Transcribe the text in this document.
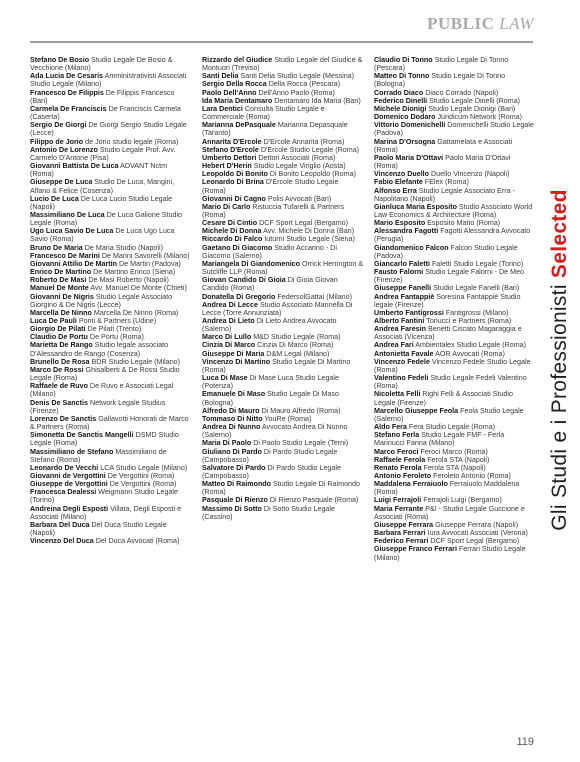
PUBLIC LAW
Gli Studi e i Professionisti Selected
Stefano De Bosio Studio Legale De Bosio & Vecchione (Milano)
Ada Lucia De Cesaris Amministrativisti Associati Studio Legale (Milano)
Francesco De Filippis De Filippis Francesco (Bari)
Carmela De Franciscis De Franciscis Carmela (Caserta)
Sergio De Giorgi De Giorgi Sergio Studio Legale (Lecce)
Filippo de Jorio de Jorio studio legale (Roma)
Antonio De Lorenzo Studio Legale Prof. Avv. Carmelo D'Antone (Pisa)
Giovanni Battista De Luca ADVANT Nctm (Roma)
Giuseppe De Luca Studio De Luca, Mangini, Alfano & Felice (Cosenza)
Lucio De Luca De Luca Lucio Studio Legale (Napoli)
Massimiliano De Luca De Luca Galione Studio Legale (Roma)
Ugo Luca Savio De Luca De Luca Ugo Luca Savio (Roma)
Bruno De Maria De Maria Studio (Napoli)
Francesco De Marini De Marini Savorelli (Milano)
Giovanni Attilio De Martin De Martin (Padova)
Enrico De Martino De Martino Enrico (Siena)
Roberto De Masi De Masi Roberto (Napoli)
Manuel De Monte Avv. Manuel De Monte (Chieti)
Giovanni De Nigris Studio Legale Associato Giorgino & De Nigris (Lecce)
Marcella De Ninno Marcella De Ninno (Roma)
Luca De Pauli Ponti & Partners (Udine)
Giorgio De Pilati De Pilati (Trento)
Claudio De Portu De Portu (Roma)
Marietta De Rango Studio legale associato D'Alessandro de Rango (Cosenza)
Brunello De Rosa BDR Studio Legale (Milano)
Marco De Rossi Ghisalberti & De Rossi Studio Legale (Roma)
Raffaele de Ruvo De Ruvo e Associati Legal (Milano)
Denis De Sanctis Network Legale Studius (Firenze)
Lorenzo De Sanctis Gallavotti Honorati de Marco & Partners (Roma)
Simonetta De Sanctis Mangelli DSMD Studio Legale (Roma)
Massimiliano de Stefano Massimiliano de Stefano (Roma)
Leonardo De Vecchi LCA Studio Legale (Milano)
Giovanni de Vergottini De Vergottini (Roma)
Giuseppe de Vergottini De Vergottini (Roma)
Francesca Dealessi Weigmann Studio Legale (Torino)
Andreina Degli Esposti Villata, Degli Esposti e Associati (Milano)
Barbara Del Duca Del Duca Studio Legale (Napoli)
Vincenzo Del Duca Del Duca Avvocati (Roma)
Rizzardo del Giudice Studio Legale del Giudice & Montuori (Treviso)
Santi Delia Santi Delia Studio Legale (Messina)
Sergio Della Rocca Della Rocca (Pescara)
Paolo Dell'Anno Dell'Anno Paolo (Roma)
Ida Maria Dentamaro Dentamaro Ida Maria (Bari)
Lara Dentici Consulta Studio Legale e Commerciale (Roma)
Marianna DePasquale Marianna Depasquale (Taranto)
Annarita D'Ercole D'Ercole Annarita (Roma)
Stefano D'Ercole D'Ercole Studio Legale (Roma)
Umberto Dettori Dettori Associati (Roma)
Hebert D'Herin Studio Legale Viriglio (Aosta)
Leopoldo Di Bonito Di Bonito Leopoldo (Roma)
Leonardo Di Brina D'Ercole Studio Legale (Roma)
Giovanni Di Cagno Polis Avvocati (Bari)
Mario Di Carlo Ristuccia Tufarelli & Partners (Roma)
Cesare Di Cintio DCF Sport Legal (Bergamo)
Michele Di Donna Avv. Michele Di Donna (Bari)
Riccardo Di Falco Iuturni Studio Legale (Siena)
Gaetano Di Giacomo Studio Accarino - Di Giacomo (Salerno)
Mariangela Di Giandomenico Orrick Herrington & Sutcliffe LLP (Roma)
Giovan Candido Di Gioia Di Gioia Giovan Candido (Roma)
Donatella Di Gregorio FedersolGattai (Milano)
Andrea Di Lecce Studio Associato Mannella Di Lecce (Torre Annunziata)
Andrea Di Lieto Di Lieto Andrea Avvocato (Salerno)
Marco Di Lullo M&D Studio Legale (Roma)
Cinzia Di Marco Cinzia Di Marco (Roma)
Giuseppe Di Maria D&M Legal (Milano)
Vincenzo Di Martino Studio Legale Di Martino (Roma)
Luca Di Mase Di Mase Luca Studio Legale (Potenza)
Emanuele Di Maso Studio Legale Di Maso (Bologna)
Alfredo Di Mauro Di Mauro Alfredo (Roma)
Tommaso Di Nitto YouRe (Roma)
Andrea Di Nunno Avvocato Andrea Di Nunno (Salerno)
Maria Di Paolo Di Paolo Studio Legale (Terni)
Giuliano Di Pardo Di Pardo Studio Legale (Campobasso)
Salvatore Di Pardo Di Pardo Studio Legale (Campobasso)
Matteo Di Raimondo Studio Legale Di Raimondo (Roma)
Pasquale Di Rienzo Di Rienzo Pasquale (Roma)
Massimo Di Sotto Di Sotto Studio Legale (Cassino)
Claudio Di Tonno Studio Legale Di Tonno (Pescara)
Matteo Di Tonno Studio Legale Di Tonno (Bologna)
Corrado Diaco Diaco Corrado (Napoli)
Federico Dinelli Studio Legale Dinelli (Roma)
Michele Dionigi Studio Legale Dionigi (Bari)
Domenico Dodaro Juridicum Network (Roma)
Vittorio Domenichelli Domenichelli Studio Legale (Padova)
Marina D'Orsogna Gattamelata e Associati (Roma)
Paolo Maria D'Ottavi Paolo Maria D'Ottavi (Roma)
Vincenzo Duello Duello Vincenzo (Napoli)
Fabio Elefante FElex (Roma)
Alfonso Erra Studio Legale Associato Erra - Napolitano (Napoli)
Gianluca Maria Esposito Studio Associato World Law Economics & Architecture (Roma)
Mario Esposito Esposito Mario (Roma)
Alessandra Fagotti Fagotti Alessandra Avvocato (Perugia)
Giandomenico Falcon Falcon Studio Legale (Padova)
Giancarlo Faletti Faletti Studio Legale (Torino)
Fausto Falorni Studio Legale Falorni - De Meo (Firenze)
Giuseppe Fanelli Studio Legale Fanelli (Bari)
Andrea Fantappiè Soresina Fantappiè Studio legale (Firenze)
Umberto Fantigrossi Fantigrossi (Milano)
Alberto Fantini Tonucci e Partners (Roma)
Andrea Faresin Benetti Ciscato Magaraggia e Associati (Vicenza)
Andrea Fari Ambientalex Studio Legale (Roma)
Antonietta Favale AOR Avvocati (Roma)
Vincenzo Fedele Vincenzo Fedele Studio Legale (Roma)
Valentino Fedeli Studio Legale Fedeli Valentino (Roma)
Nicoletta Felli Righi Felli & Associati Studio Legale (Firenze)
Marcello Giuseppe Feola Feola Studio Legale (Salerno)
Aldo Fera Fera Studio Legale (Roma)
Stefano Ferla Studio Legale FMF - Ferla Marinucci Farina (Milano)
Marco Feroci Feroci Marco (Roma)
Raffaele Ferola Ferola STA (Napoli)
Renato Ferola Ferola STA (Napoli)
Antonio Feroleto Feroleto Antonio (Roma)
Maddalena Ferraiuolo Ferraiuolo Maddalena (Roma)
Luigi Ferrajoli Ferrajoli Luigi (Bergamo)
Maria Ferrante P&I - Studio Legale Guccione e Associati (Roma)
Giuseppe Ferrara Giuseppe Ferrara (Napoli)
Barbara Ferrari Iura Avvocati Associati (Verona)
Federico Ferrari DCF Sport Legal (Bergamo)
Giuseppe Franco Ferrari Ferrari Studio Legale (Milano)
119
